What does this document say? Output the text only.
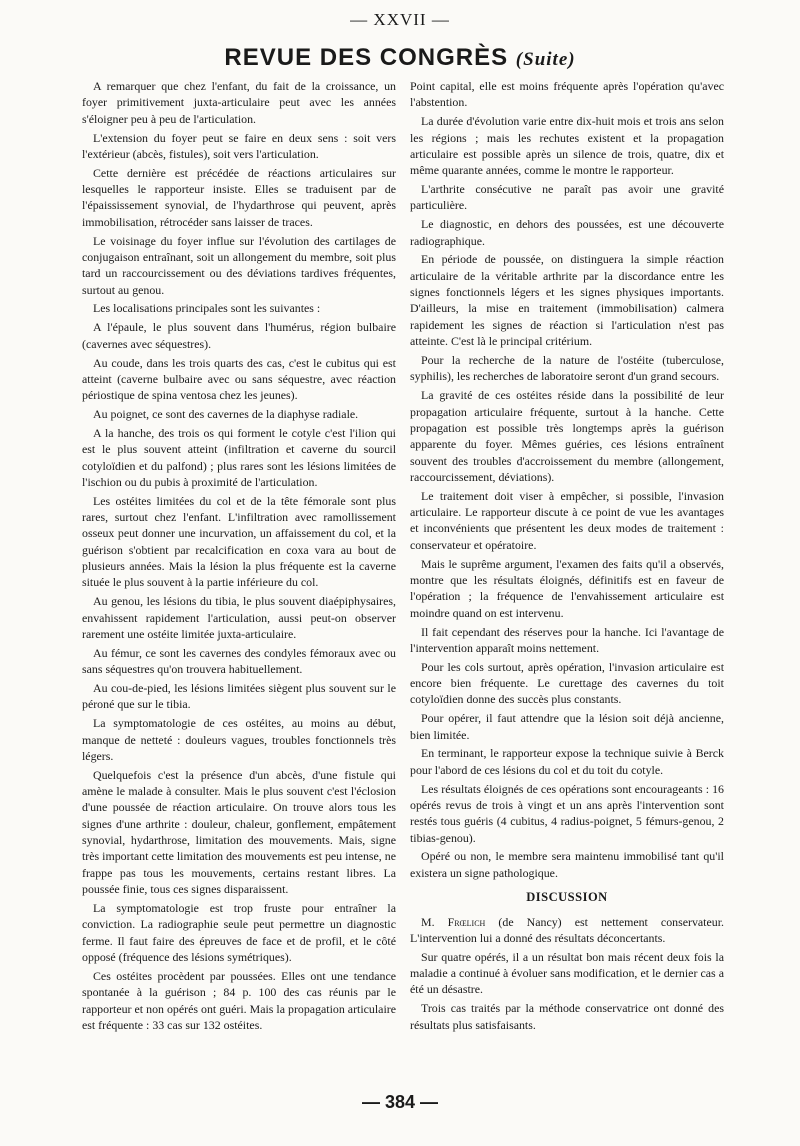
— XXVII —
REVUE DES CONGRÈS (Suite)

A remarquer que chez l'enfant, du fait de la croissance, un foyer primitivement juxta-articulaire peut avec les années s'éloigner peu à peu de l'articulation.

L'extension du foyer peut se faire en deux sens : soit vers l'extérieur (abcès, fistules), soit vers l'articulation.

Cette dernière est précédée de réactions articulaires sur lesquelles le rapporteur insiste. Elles se traduisent par de l'épaississement synovial, de l'hydarthrose qui peuvent, après immobilisation, rétrocéder sans laisser de traces.

Le voisinage du foyer influe sur l'évolution des cartilages de conjugaison entraînant, soit un allongement du membre, soit plus tard un raccourcissement ou des déviations tardives fréquentes, surtout au genou.

Les localisations principales sont les suivantes :

A l'épaule, le plus souvent dans l'humérus, région bulbaire (cavernes avec séquestres).

Au coude, dans les trois quarts des cas, c'est le cubitus qui est atteint (caverne bulbaire avec ou sans séquestre, avec réaction périostique de spina ventosa chez les jeunes).

Au poignet, ce sont des cavernes de la diaphyse radiale.

A la hanche, des trois os qui forment le cotyle c'est l'ilion qui est le plus souvent atteint (infiltration et caverne du sourcil cotyloïdien et du palfond) ; plus rares sont les lésions limitées de l'ischion ou du pubis à proximité de l'articulation.

Les ostéites limitées du col et de la tête fémorale sont plus rares, surtout chez l'enfant. L'infiltration avec ramollissement osseux peut donner une incurvation, un affaissement du col, et la guérison s'obtient par recalcification en coxa vara au bout de plusieurs années. Mais la lésion la plus fréquente est la caverne située le plus souvent à la partie inférieure du col.

Au genou, les lésions du tibia, le plus souvent diaépiphysaires, envahissent rapidement l'articulation, aussi peut-on observer rarement une ostéite limitée juxta-articulaire.

Au fémur, ce sont les cavernes des condyles fémoraux avec ou sans séquestres qu'on trouvera habituellement.

Au cou-de-pied, les lésions limitées siègent plus souvent sur le péroné que sur le tibia.

La symptomatologie de ces ostéites, au moins au début, manque de netteté : douleurs vagues, troubles fonctionnels très légers.

Quelquefois c'est la présence d'un abcès, d'une fistule qui amène le malade à consulter. Mais le plus souvent c'est l'éclosion d'une poussée de réaction articulaire. On trouve alors tous les signes d'une arthrite : douleur, chaleur, gonflement, empâtement synovial, hydarthrose, limitation des mouvements. Mais, signe très important cette limitation des mouvements est peu intense, ne frappe pas tous les mouvements, certains restant libres. La poussée finie, tous ces signes disparaissent.

La symptomatologie est trop fruste pour entraîner la conviction. La radiographie seule peut permettre un diagnostic ferme. Il faut faire des épreuves de face et de profil, et le côté opposé (fréquence des lésions symétriques).

Ces ostéites procèdent par poussées. Elles ont une tendance spontanée à la guérison ; 84 p. 100 des cas réunis par le rapporteur et non opérés ont guéri. Mais la propagation articulaire est fréquente : 33 cas sur 132 ostéites.

Point capital, elle est moins fréquente après l'opération qu'avec l'abstention.

La durée d'évolution varie entre dix-huit mois et trois ans selon les régions ; mais les rechutes existent et la propagation articulaire est possible après un silence de trois, quatre, dix et même quarante années, comme le montre le rapporteur.

L'arthrite consécutive ne paraît pas avoir une gravité particulière.

Le diagnostic, en dehors des poussées, est une découverte radiographique.

En période de poussée, on distinguera la simple réaction articulaire de la véritable arthrite par la discordance entre les signes fonctionnels légers et les signes physiques importants. D'ailleurs, la mise en traitement (immobilisation) calmera rapidement les signes de réaction si l'articulation n'est pas atteinte. C'est là le principal critérium.

Pour la recherche de la nature de l'ostéite (tuberculose, syphilis), les recherches de laboratoire seront d'un grand secours.

La gravité de ces ostéites réside dans la possibilité de leur propagation articulaire fréquente, surtout à la hanche. Cette propagation est possible très longtemps après la guérison apparente du foyer. Mêmes guéries, ces lésions entraînent souvent des troubles d'accroissement du membre (allongement, raccourcissement, déviations).

Le traitement doit viser à empêcher, si possible, l'invasion articulaire. Le rapporteur discute à ce point de vue les avantages et inconvénients que présentent les deux modes de traitement : conservateur et opératoire.

Mais le suprême argument, l'examen des faits qu'il a observés, montre que les résultats éloignés, définitifs est en faveur de l'opération ; la fréquence de l'envahissement articulaire est moindre quand on est intervenu.

Il fait cependant des réserves pour la hanche. Ici l'avantage de l'intervention apparaît moins nettement.

Pour les cols surtout, après opération, l'invasion articulaire est encore bien fréquente. Le curettage des cavernes du toit cotyloïdien donne des succès plus constants.

Pour opérer, il faut attendre que la lésion soit déjà ancienne, bien limitée.

En terminant, le rapporteur expose la technique suivie à Berck pour l'abord de ces lésions du col et du toit du cotyle.

Les résultats éloignés de ces opérations sont encourageants : 16 opérés revus de trois à vingt et un ans après l'intervention sont restés tous guéris (4 cubitus, 4 radius-poignet, 5 fémurs-genou, 2 tibias-genou).

Opéré ou non, le membre sera maintenu immobilisé tant qu'il existera un signe pathologique.

DISCUSSION

M. Frœlich (de Nancy) est nettement conservateur. L'intervention lui a donné des résultats déconcertants.

Sur quatre opérés, il a un résultat bon mais récent deux fois la maladie a continué à évoluer sans modification, et le dernier cas a été un désastre.

Trois cas traités par la méthode conservatrice ont donné des résultats plus satisfaisants.

— 384 —
